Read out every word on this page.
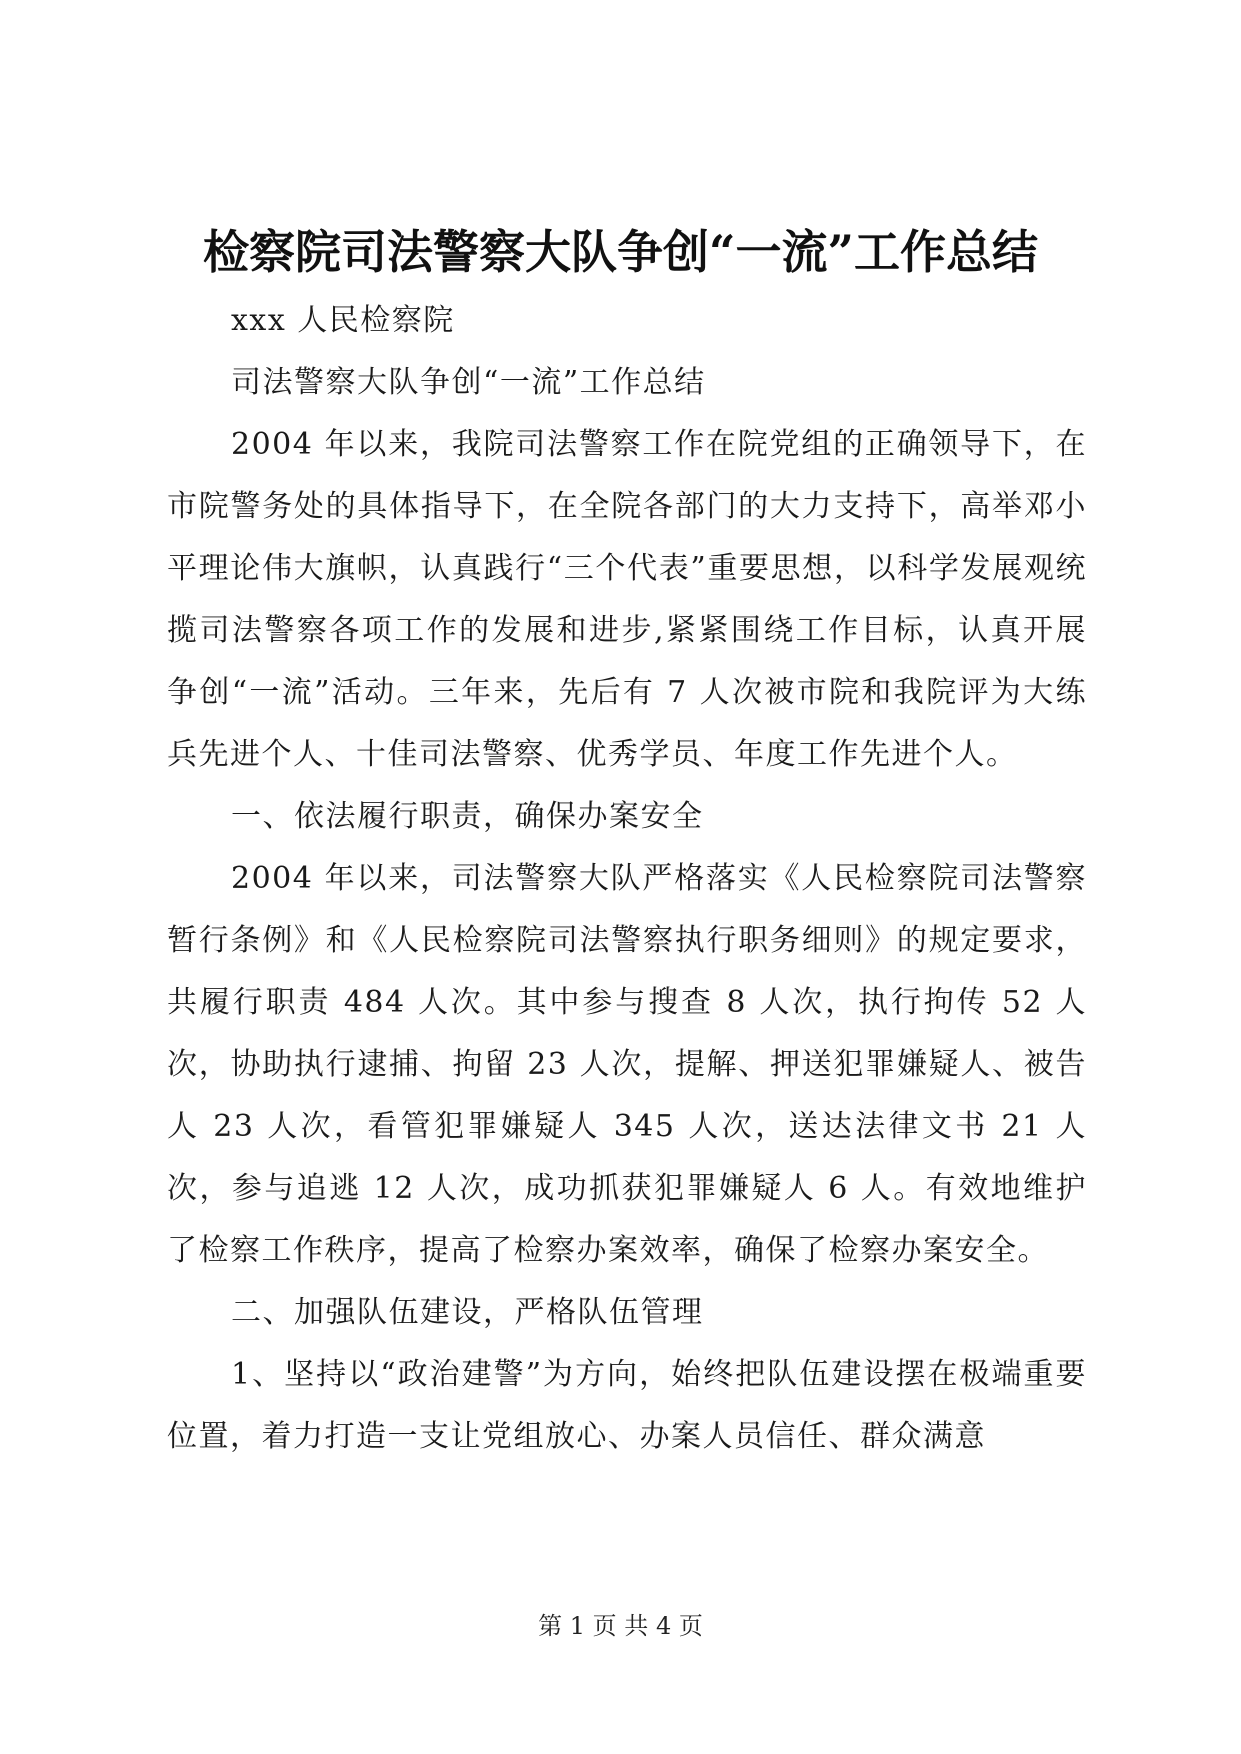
检察院司法警察大队争创“一流”工作总结

xxx 人民检察院

司法警察大队争创“一流”工作总结

2004 年以来，我院司法警察工作在院党组的正确领导下，在市院警务处的具体指导下，在全院各部门的大力支持下，高举邓小平理论伟大旗帜，认真践行“三个代表”重要思想，以科学发展观统揽司法警察各项工作的发展和进步,紧紧围绕工作目标，认真开展争创“一流”活动。三年来，先后有 7 人次被市院和我院评为大练兵先进个人、十佳司法警察、优秀学员、年度工作先进个人。

一、依法履行职责，确保办案安全

2004 年以来，司法警察大队严格落实《人民检察院司法警察暂行条例》和《人民检察院司法警察执行职务细则》的规定要求，共履行职责 484 人次。其中参与搜查 8 人次，执行拘传 52 人次，协助执行逮捕、拘留 23 人次，提解、押送犯罪嫌疑人、被告人 23 人次，看管犯罪嫌疑人 345 人次，送达法律文书 21 人次，参与追逃 12 人次，成功抓获犯罪嫌疑人 6 人。有效地维护了检察工作秩序，提高了检察办案效率，确保了检察办案安全。

二、加强队伍建设，严格队伍管理

1、坚持以“政治建警”为方向，始终把队伍建设摆在极端重要位置，着力打造一支让党组放心、办案人员信任、群众满意

第 1 页 共 4 页
